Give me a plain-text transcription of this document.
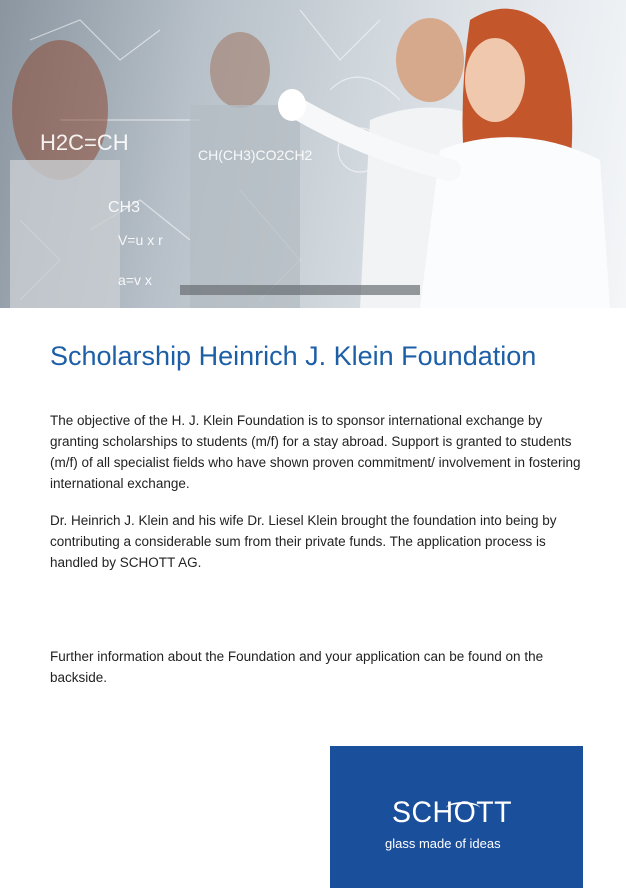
H2C=CH
CH3
CH(CH3)CO2CH2
V=u x r
a=v x
Scholarship Heinrich J. Klein Foundation

The objective of the H. J. Klein Foundation is to sponsor international exchange by granting scholarships to students (m/f) for a stay abroad. Support is granted to students (m/f) of all specialist fields who have shown proven commitment/ involvement in fostering international exchange.

Dr. Heinrich J. Klein and his wife Dr. Liesel Klein brought the foundation into being by contributing a considerable sum from their private funds. The application process is handled by SCHOTT AG.

Further information about the Foundation and your application can be found on the backside.

SCHOTT

glass made of ideas
